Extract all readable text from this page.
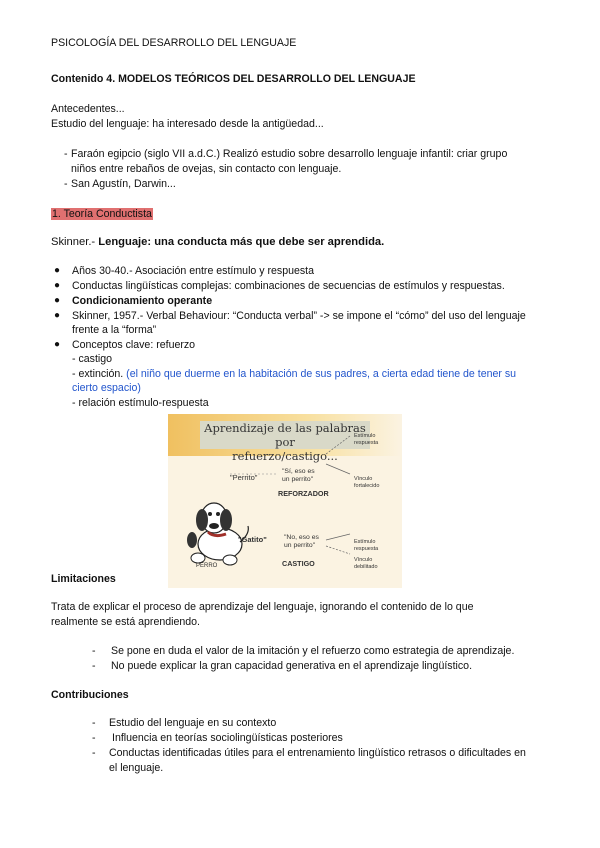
PSICOLOGÍA DEL DESARROLLO DEL LENGUAJE
Contenido 4. MODELOS TEÓRICOS DEL DESARROLLO DEL LENGUAJE
Antecedentes...
Estudio del lenguaje: ha interesado desde la antigüedad...
- Faraón egipcio (siglo VII a.d.C.) Realizó estudio sobre desarrollo lenguaje infantil: criar grupo
niños entre rebaños de ovejas, sin contacto con lenguaje.
- San Agustín, Darwin...
1. Teoría Conductista
Skinner.- Lenguaje: una conducta más que debe ser aprendida.
● Años 30-40.- Asociación entre estímulo y respuesta
● Conductas lingüísticas complejas: combinaciones de secuencias de estímulos y respuestas.
● Condicionamiento operante
● Skinner, 1957.- Verbal Behaviour: “Conducta verbal” -> se impone el “cómo” del uso del lenguaje
frente a la “forma”
● Conceptos clave: refuerzo
- castigo
- extinción. (el niño que duerme en la habitación de sus padres, a cierta edad tiene de tener su
cierto espacio)
- relación estímulo-respuesta
Aprendizaje de las palabras por
refuerzo/castigo...
"Perrito"
"Sí, eso es
un perrito"
REFORZADOR
Estímulo
respuesta
Vínculo
fortalecido
"Gatito"	"No, eso es
un perrito"
CASTIGO
Estímulo
respuesta
Vínculo
debilitado
PERRO
Limitaciones
Trata de explicar el proceso de aprendizaje del lenguaje, ignorando el contenido de lo que
realmente se está aprendiendo.
- Se pone en duda el valor de la imitación y el refuerzo como estrategia de aprendizaje.
- No puede explicar la gran capacidad generativa en el aprendizaje lingüístico.
Contribuciones
- Estudio del lenguaje en su contexto
- Influencia en teorías sociolingüísticas posteriores
- Conductas identificadas útiles para el entrenamiento lingüístico retrasos o dificultades en
el lenguaje.
